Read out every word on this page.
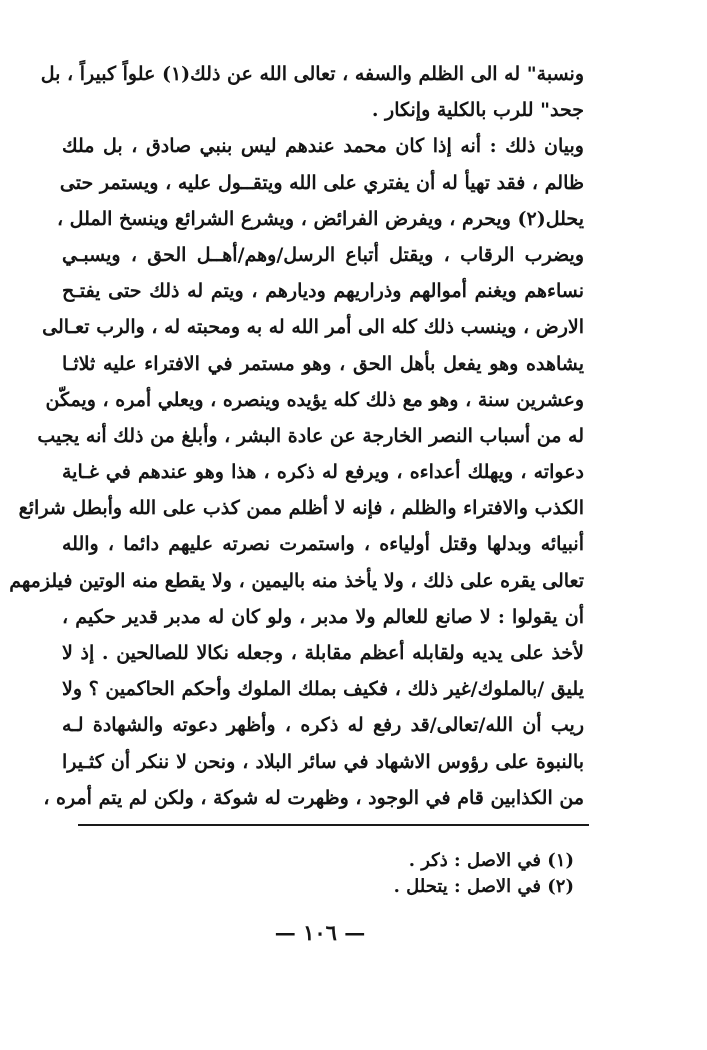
ونسبة" له الى الظلم والسفه ، تعالى الله عن ذلك(١) علواً كبيراً ، بل
جحد" للرب بالكلية وإنكار .
وبيان ذلك : أنه إذا كان محمد عندهم ليس بنبي صادق ، بل ملك
ظالم ، فقد تهيأ له أن يفتري على الله ويتقــول عليه ، ويستمر حتى
يحلل(٢) ويحرم ، ويفرض الفرائض ، ويشرع الشرائع وينسخ الملل ،
ويضرب الرقاب ، ويقتل أتباع الرسل/وهم/أهــل الحق ، ويسبـي
نساءهم ويغنم أموالهم وذراريهم وديارهم ، ويتم له ذلك حتى يفتـح
الارض ، وينسب ذلك كله الى أمر الله له به ومحبته له ، والرب تعـالى
يشاهده وهو يفعل بأهل الحق ، وهو مستمر في الافتراء عليه ثلاثـا
وعشرين سنة ، وهو مع ذلك كله يؤيده وينصره ، ويعلي أمره ، ويمكّن
له من أسباب النصر الخارجة عن عادة البشر ، وأبلغ من ذلك أنه يجيب
دعواته ، ويهلك أعداءه ، ويرفع له ذكره ، هذا وهو عندهم في غـاية
الكذب والافتراء والظلم ، فإنه لا أظلم ممن كذب على الله وأبطل شرائع
أنبيائه وبدلها وقتل أولياءه ، واستمرت نصرته عليهم دائما ، والله
تعالى يقره على ذلك ، ولا يأخذ منه باليمين ، ولا يقطع منه الوتين فيلزمهم
أن يقولوا : لا صانع للعالم ولا مدبر ، ولو كان له مدبر قدير حكيم ،
لأخذ على يديه ولقابله أعظم مقابلة ، وجعله نكالا للصالحين . إذ لا
يليق /بالملوك/غير ذلك ، فكيف بملك الملوك وأحكم الحاكمين ؟ ولا
ريب أن الله/تعالى/قد رفع له ذكره ، وأظهر دعوته والشهادة لـه
بالنبوة على رؤوس الاشهاد في سائر البلاد ، ونحن لا ننكر أن كثـيرا
من الكذابين قام في الوجود ، وظهرت له شوكة ، ولكن لم يتم أمره ،
(١) في الاصل : ذكر .
(٢) في الاصل : يتحلل .
— ١٠٦ —
